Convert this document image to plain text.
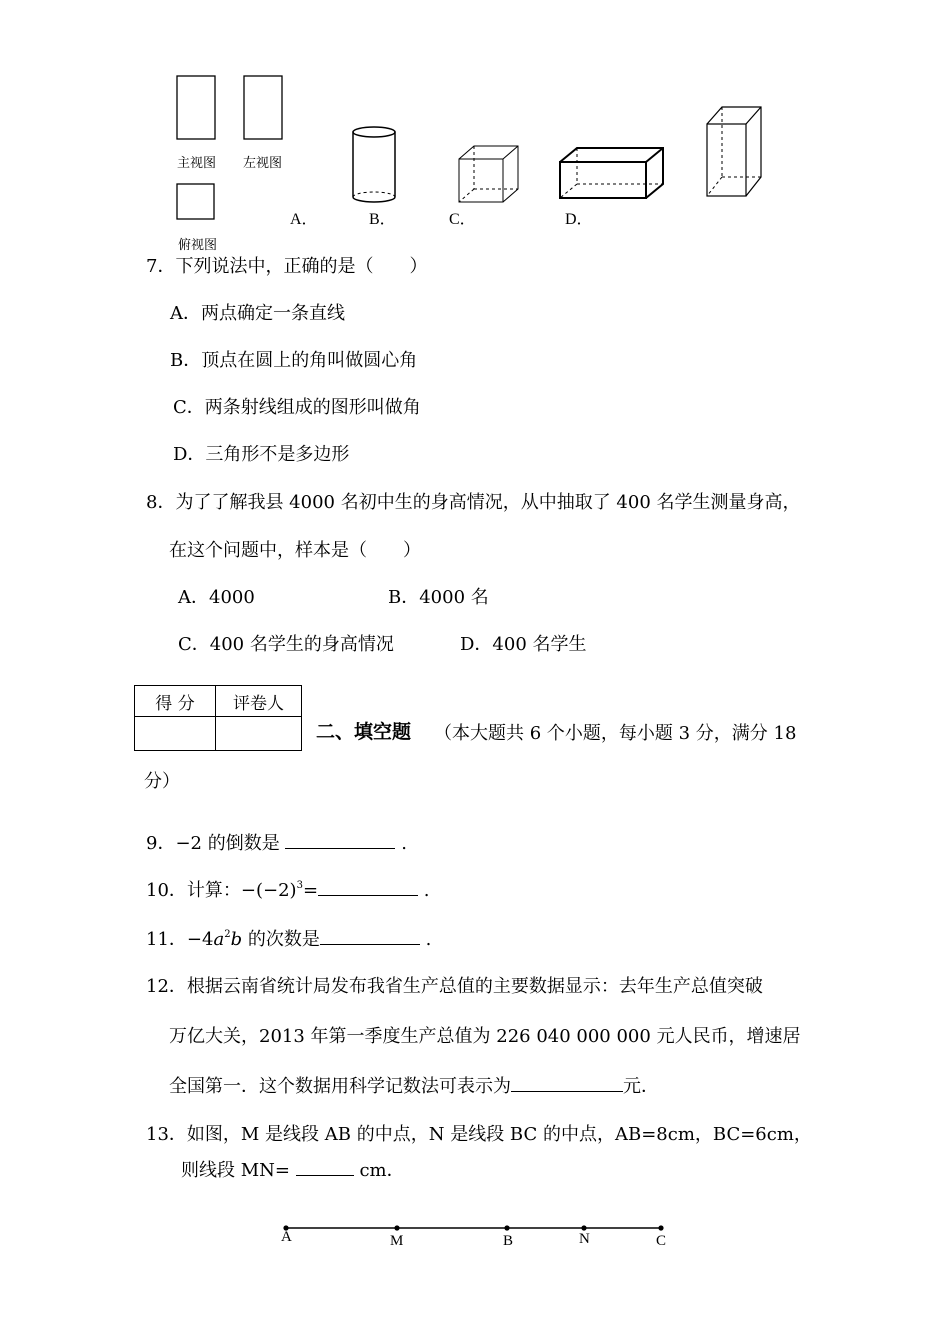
主视图 左视图
俯视图
A．	B．	C．	D．
7．下列说法中，正确的是（　　）
A．两点确定一条直线
B．顶点在圆上的角叫做圆心角
C．两条射线组成的图形叫做角
D．三角形不是多边形
8．为了了解我县 4000 名初中生的身高情况，从中抽取了 400 名学生测量身高，
在这个问题中，样本是（　　）
A．4000	B．4000 名
C．400 名学生的身高情况	D．400 名学生
得 分	评卷人

二、填空题 （本大题共 6 个小题，每小题 3 分，满分 18
分）
9．−2 的倒数是	.
10．计算：$-(-2)^3=$	.
11．$-4a^2b$ 的次数是	.
12．根据云南省统计局发布我省生产总值的主要数据显示：去年生产总值突破
万亿大关，2013 年第一季度生产总值为 226 040 000 000 元人民币，增速居
全国第一．这个数据用科学记数法可表示为	元．
13．如图，M 是线段 AB 的中点，N 是线段 BC 的中点，AB=8cm，BC=6cm，
则线段 MN=	cm．
A	M	B	N	C
